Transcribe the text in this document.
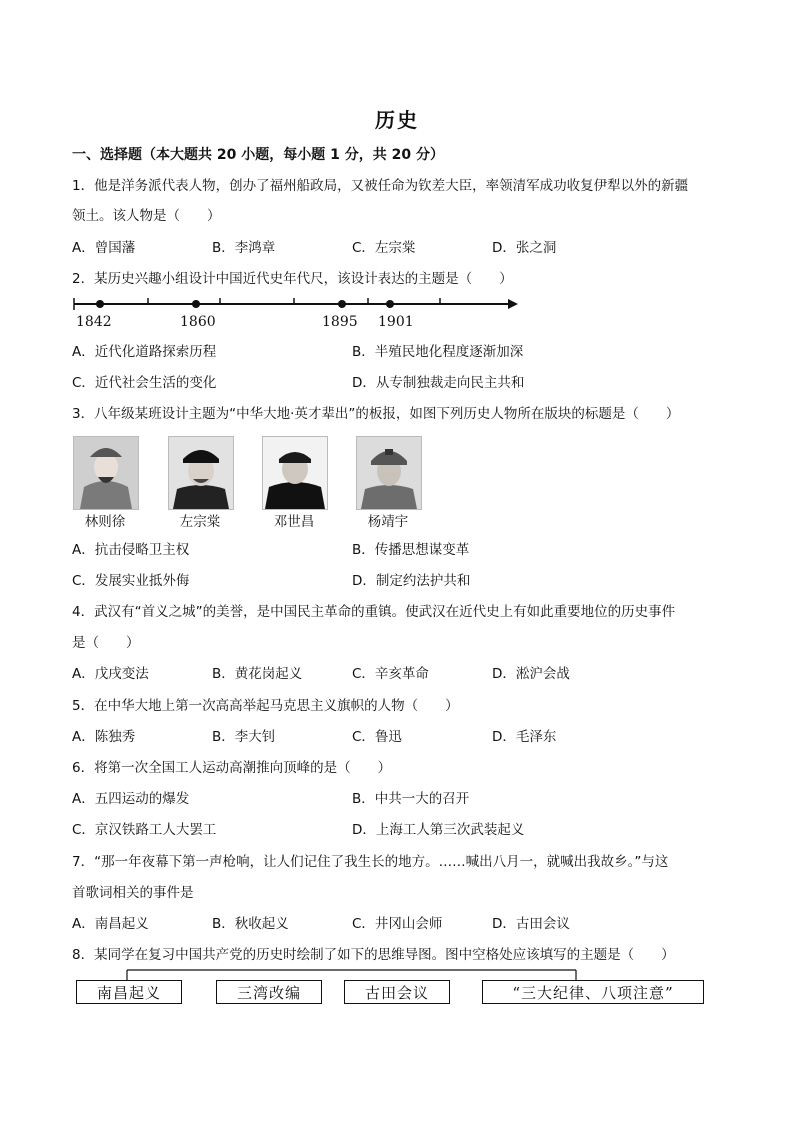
历史
一、选择题（本大题共 20 小题，每小题 1 分，共 20 分）
1．他是洋务派代表人物，创办了福州船政局，又被任命为钦差大臣，率领清军成功收复伊犁以外的新疆
领土。该人物是（　　）
A．曾国藩	B．李鸿章	C．左宗棠	D．张之洞
2．某历史兴趣小组设计中国近代史年代尺，该设计表达的主题是（　　）
1842	1860	1895 1901
A．近代化道路探索历程	B．半殖民地化程度逐渐加深
C．近代社会生活的变化	D．从专制独裁走向民主共和
3．八年级某班设计主题为“中华大地·英才辈出”的板报，如图下列历史人物所在版块的标题是（　　）
林则徐	左宗棠	邓世昌	杨靖宇
A．抗击侵略卫主权	B．传播思想谋变革
C．发展实业抵外侮	D．制定约法护共和
4．武汉有“首义之城”的美誉，是中国民主革命的重镇。使武汉在近代史上有如此重要地位的历史事件
是（　　）
A．戊戌变法	B．黄花岗起义	C．辛亥革命	D．淞沪会战
5．在中华大地上第一次高高举起马克思主义旗帜的人物（　　）
A．陈独秀	B．李大钊	C．鲁迅	D．毛泽东
6．将第一次全国工人运动高潮推向顶峰的是（　　）
A．五四运动的爆发	B．中共一大的召开
C．京汉铁路工人大罢工	D．上海工人第三次武装起义
7．“那一年夜幕下第一声枪响，让人们记住了我生长的地方。……喊出八月一，就喊出我故乡。”与这
首歌词相关的事件是
A．南昌起义	B．秋收起义	C．井冈山会师	D．古田会议
8．某同学在复习中国共产党的历史时绘制了如下的思维导图。图中空格处应该填写的主题是（　　）
南昌起义	三湾改编	古田会议	“三大纪律、八项注意”
